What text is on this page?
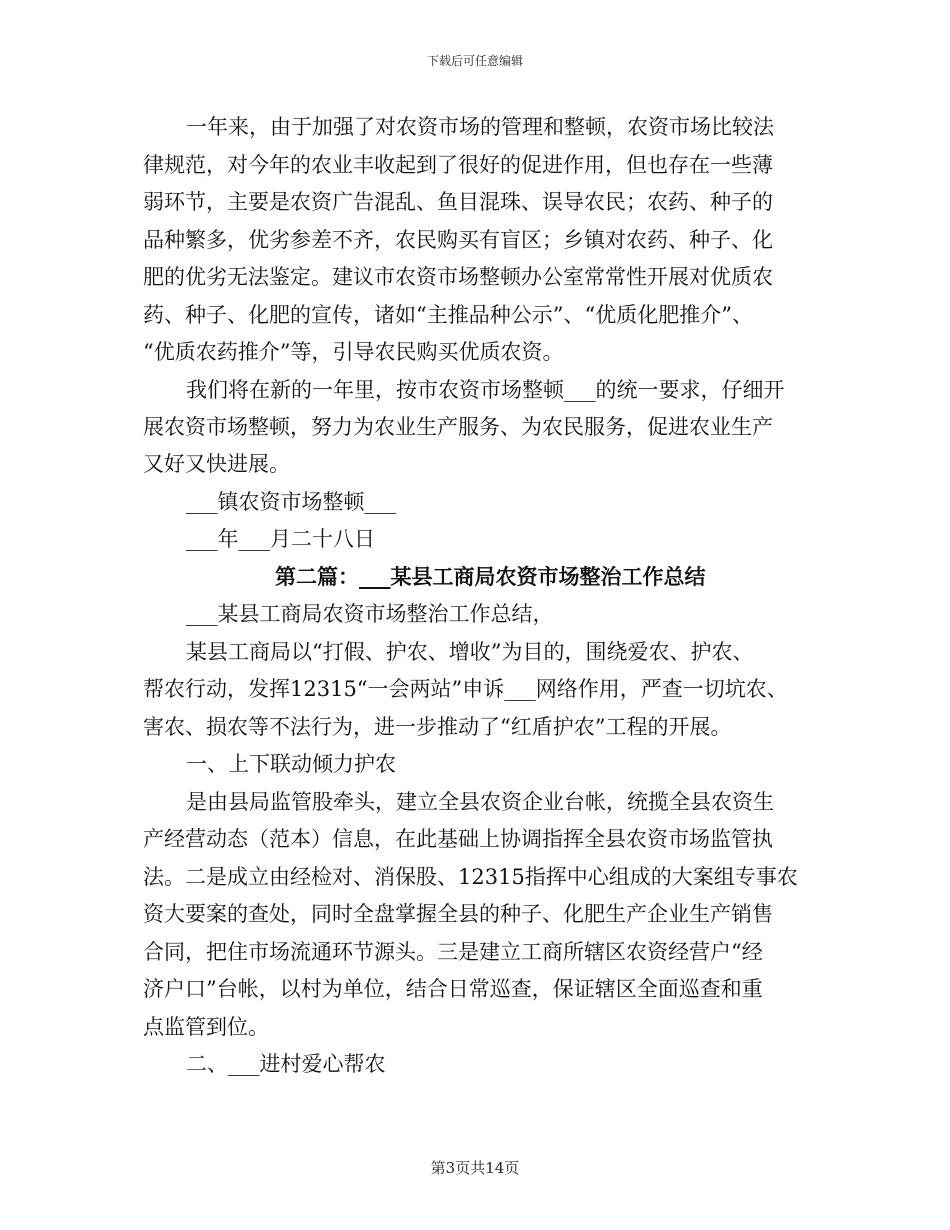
下载后可任意编辑
一年来，由于加强了对农资市场的管理和整顿，农资市场比较法
律规范，对今年的农业丰收起到了很好的促进作用，但也存在一些薄
弱环节，主要是农资广告混乱、鱼目混珠、误导农民；农药、种子的
品种繁多，优劣参差不齐，农民购买有盲区；乡镇对农药、种子、化
肥的优劣无法鉴定。建议市农资市场整顿办公室常常性开展对优质农
药、种子、化肥的宣传，诸如“主推品种公示”、“优质化肥推介”、
“优质农药推介”等，引导农民购买优质农资。
我们将在新的一年里，按市农资市场整顿___的统一要求，仔细开
展农资市场整顿，努力为农业生产服务、为农民服务，促进农业生产
又好又快进展。
___镇农资市场整顿___
___年___月二十八日
第二篇：___某县工商局农资市场整治工作总结
___某县工商局农资市场整治工作总结，
某县工商局以“打假、护农、增收”为目的，围绕爱农、护农、
帮农行动，发挥12315“一会两站”申诉___网络作用，严查一切坑农、
害农、损农等不法行为，进一步推动了“红盾护农”工程的开展。
一、上下联动倾力护农
是由县局监管股牵头，建立全县农资企业台帐，统揽全县农资生
产经营动态（范本）信息，在此基础上协调指挥全县农资市场监管执
法。二是成立由经检对、消保股、12315指挥中心组成的大案组专事农
资大要案的查处，同时全盘掌握全县的种子、化肥生产企业生产销售
合同，把住市场流通环节源头。三是建立工商所辖区农资经营户“经
济户口”台帐，以村为单位，结合日常巡查，保证辖区全面巡查和重
点监管到位。
二、___进村爱心帮农
第3页共14页
